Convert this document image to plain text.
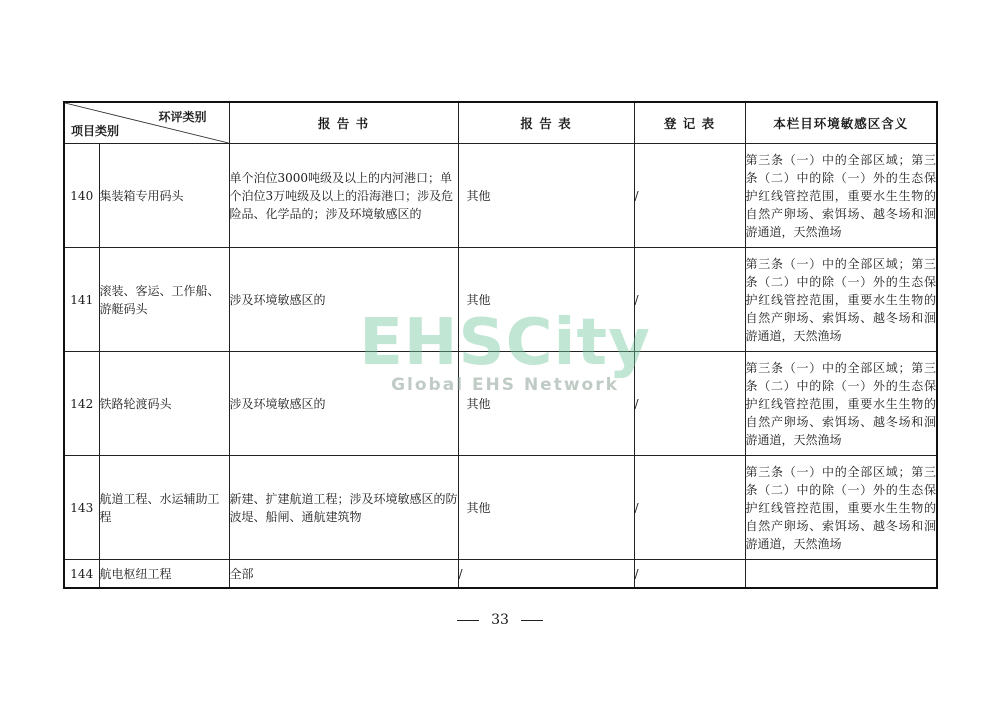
环评类别
项目类别		报 告 书	报 告 表	登 记 表	本栏目环境敏感区含义
140	集装箱专用码头	单个泊位3000吨级及以上的内河港口；单个泊位3万吨级及以上的沿海港口；涉及危险品、化学品的；涉及环境敏感区的	其他	/	第三条（一）中的全部区域；第三条（二）中的除（一）外的生态保护红线管控范围，重要水生生物的自然产卵场、索饵场、越冬场和洄游通道，天然渔场
141	滚装、客运、工作船、游艇码头	涉及环境敏感区的	其他	/	第三条（一）中的全部区域；第三条（二）中的除（一）外的生态保护红线管控范围，重要水生生物的自然产卵场、索饵场、越冬场和洄游通道，天然渔场
142	铁路轮渡码头	涉及环境敏感区的	其他	/	第三条（一）中的全部区域；第三条（二）中的除（一）外的生态保护红线管控范围，重要水生生物的自然产卵场、索饵场、越冬场和洄游通道，天然渔场
143	航道工程、水运辅助工程	新建、扩建航道工程；涉及环境敏感区的防波堤、船闸、通航建筑物	其他	/	第三条（一）中的全部区域；第三条（二）中的除（一）外的生态保护红线管控范围，重要水生生物的自然产卵场、索饵场、越冬场和洄游通道，天然渔场
144	航电枢纽工程	全部	/	/	
EHSCity
Global EHS Network
33
